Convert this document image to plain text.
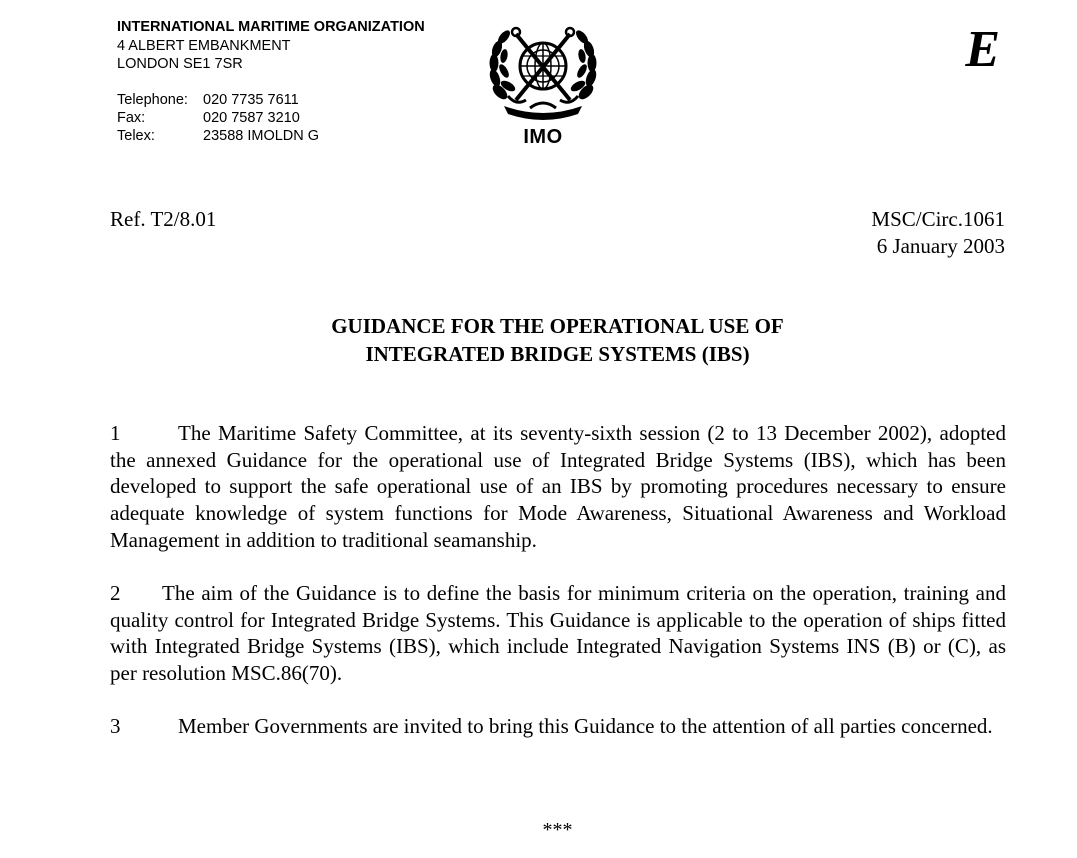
INTERNATIONAL MARITIME ORGANIZATION
4 ALBERT EMBANKMENT
LONDON SE1 7SR
Telephone:	020 7735 7611
Fax:	020 7587 3210
Telex:	23588 IMOLDN G	IMO
E
Ref. T2/8.01	MSC/Circ.1061
6 January 2003
GUIDANCE FOR THE OPERATIONAL USE OF
INTEGRATED BRIDGE SYSTEMS (IBS)

1	The Maritime Safety Committee, at its seventy-sixth session (2 to 13 December 2002), adopted the annexed Guidance for the operational use of Integrated Bridge Systems (IBS), which has been developed to support the safe operational use of an IBS by promoting procedures necessary to ensure adequate knowledge of system functions for Mode Awareness, Situational Awareness and Workload Management in addition to traditional seamanship.

2 The aim of the Guidance is to define the basis for minimum criteria on the operation, training and quality control for Integrated Bridge Systems. This Guidance is applicable to the operation of ships fitted with Integrated Bridge Systems (IBS), which include Integrated Navigation Systems INS (B) or (C), as per resolution MSC.86(70).

3	Member Governments are invited to bring this Guidance to the attention of all parties concerned.

***
